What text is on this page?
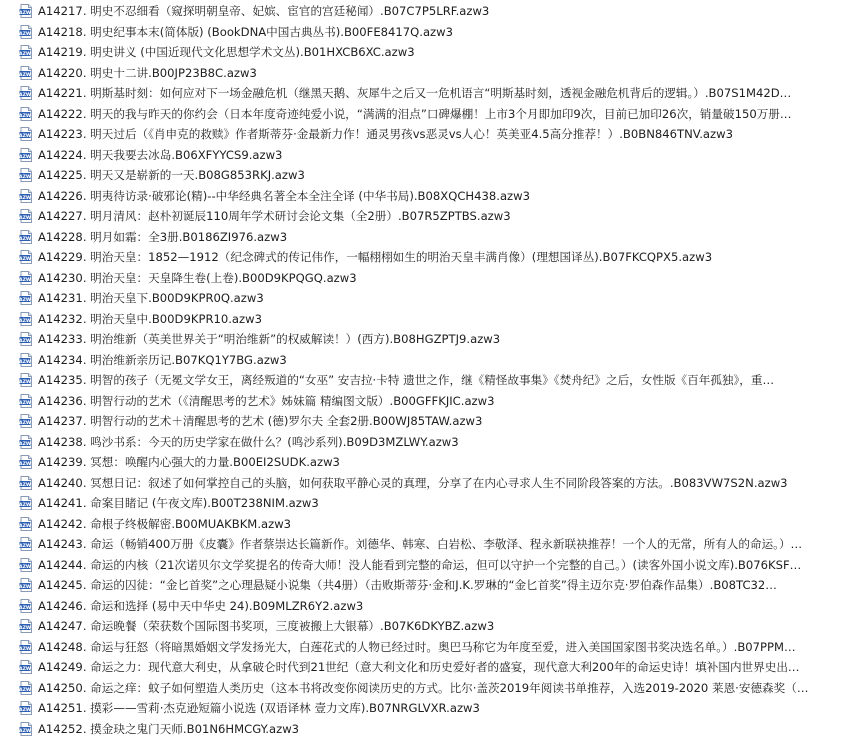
AZW A14217. 明史不忍细看（窥探明朝皇帝、妃嫔、宦官的宫廷秘闻）.B07C7P5LRF.azw3
AZW A14218. 明史纪事本末(简体版) (BookDNA中国古典丛书).B00FE8417Q.azw3
AZW A14219. 明史讲义 (中国近现代文化思想学术文丛).B01HXCB6XC.azw3
AZW A14220. 明史十二讲.B00JP23B8C.azw3
AZW A14221. 明斯基时刻：如何应对下一场金融危机（继黑天鹅、灰犀牛之后又一危机语言“明斯基时刻，透视金融危机背后的逻辑。）.B07S1M42D…
AZW A14222. 明天的我与昨天的你约会（日本年度奇迹纯爱小说，“满满的泪点”口碑爆棚！上市3个月即加印9次，目前已加印26次，销量破150万册…
AZW A14223. 明天过后（《肖申克的救赎》作者斯蒂芬·金最新力作！通灵男孩vs恶灵vs人心！英美亚4.5高分推荐！）.B0BN846TNV.azw3
AZW A14224. 明天我要去冰岛.B06XFYYCS9.azw3
AZW A14225. 明天又是崭新的一天.B08G853RKJ.azw3
AZW A14226. 明夷待访录·破邪论(精)--中华经典名著全本全注全译 (中华书局).B08XQCH438.azw3
AZW A14227. 明月清风：赵朴初诞辰110周年学术研讨会论文集（全2册）.B07R5ZPTBS.azw3
AZW A14228. 明月如霜：全3册.B0186ZI976.azw3
AZW A14229. 明治天皇：1852—1912（纪念碑式的传记伟作，一幅栩栩如生的明治天皇丰满肖像）(理想国译丛).B07FKCQPX5.azw3
AZW A14230. 明治天皇：天皇降生卷(上卷).B00D9KPQGQ.azw3
AZW A14231. 明治天皇下.B00D9KPR0Q.azw3
AZW A14232. 明治天皇中.B00D9KPR10.azw3
AZW A14233. 明治维新（英美世界关于“明治维新”的权威解读！）(西方).B08HGZPTJ9.azw3
AZW A14234. 明治维新亲历记.B07KQ1Y7BG.azw3
AZW A14235. 明智的孩子（无冕文学女王，离经叛道的“女巫” 安吉拉·卡特 遗世之作，继《精怪故事集》《焚舟纪》之后，女性版《百年孤独》，重…
AZW A14236. 明智行动的艺术（《清醒思考的艺术》姊妹篇 精编图文版）.B00GFFKJIC.azw3
AZW A14237. 明智行动的艺术＋清醒思考的艺术 (德)罗尔夫 全套2册.B00WJ85TAW.azw3
AZW A14238. 鸣沙书系：今天的历史学家在做什么？(鸣沙系列).B09D3MZLWY.azw3
AZW A14239. 冥想：唤醒内心强大的力量.B00EI2SUDK.azw3
AZW A14240. 冥想日记：叙述了如何掌控自己的头脑，如何获取平静心灵的真理，分享了在内心寻求人生不同阶段答案的方法。.B083VW7S2N.azw3
AZW A14241. 命案目睹记 (午夜文库).B00T238NIM.azw3
AZW A14242. 命根子终极解密.B00MUAKBKM.azw3
AZW A14243. 命运（畅销400万册《皮囊》作者蔡崇达长篇新作。刘德华、韩寒、白岩松、李敬泽、程永新联袂推荐！一个人的无常，所有人的命运。）…
AZW A14244. 命运的内核（21次诺贝尔文学奖提名的传奇大师！没人能看到完整的命运，但可以守护一个完整的自己。）(读客外国小说文库).B076KSF…
AZW A14245. 命运的囚徒：“金匕首奖”之心理悬疑小说集（共4册）（击败斯蒂芬·金和J.K.罗琳的“金匕首奖”得主迈尔克·罗伯森作品集）.B08TC32…
AZW A14246. 命运和选择 (易中天中华史 24).B09MLZR6Y2.azw3
AZW A14247. 命运晚餐（荣获数个国际图书奖项，三度被搬上大银幕）.B07K6DKYBZ.azw3
AZW A14248. 命运与狂怒（将暗黑婚姻文学发扬光大，白莲花式的人物已经过时。奥巴马称它为年度至爱，进入美国国家图书奖决选名单。）.B07PPM…
AZW A14249. 命运之力：现代意大利史，从拿破仑时代到21世纪（意大利文化和历史爱好者的盛宴，现代意大利200年的命运史诗！填补国内世界史出…
AZW A14250. 命运之痒：蚊子如何塑造人类历史（这本书将改变你阅读历史的方式。比尔·盖茨2019年阅读书单推荐，入选2019-2020 莱恩·安德森奖（…
AZW A14251. 摸彩——雪莉·杰克逊短篇小说选 (双语译林 壹力文库).B07NRGLVXR.azw3
AZW A14252. 摸金玦之鬼门天师.B01N6HMCGY.azw3
